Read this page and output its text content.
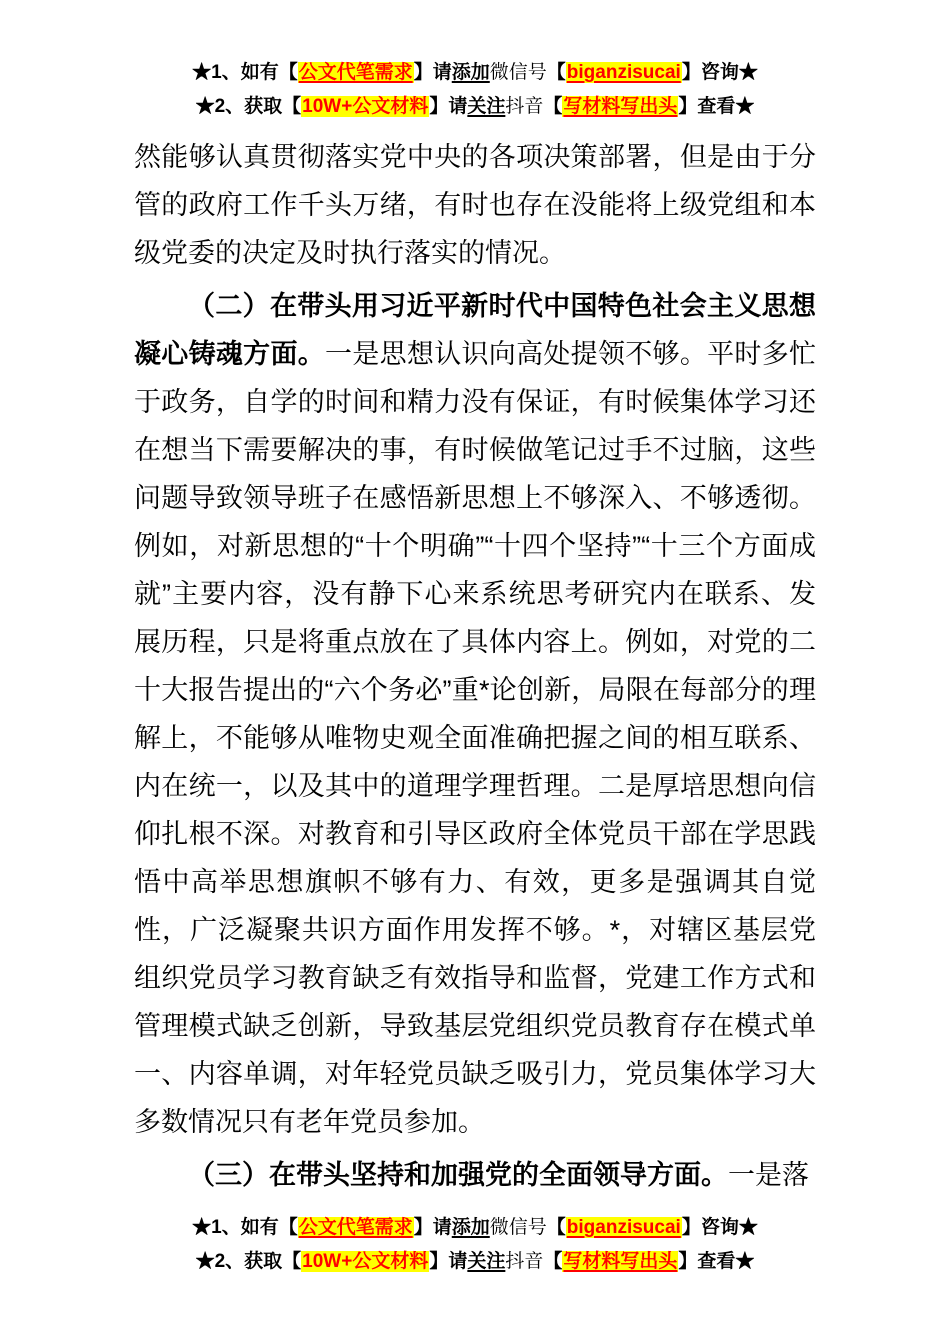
★1、如有【公文代笔需求】请添加微信号【biganzisucai】咨询★
★2、获取【10W+公文材料】请关注抖音【写材料写出头】查看★

然能够认真贯彻落实党中央的各项决策部署，但是由于分管的政府工作千头万绪，有时也存在没能将上级党组和本级党委的决定及时执行落实的情况。

（二）在带头用习近平新时代中国特色社会主义思想凝心铸魂方面。一是思想认识向高处提领不够。平时多忙于政务，自学的时间和精力没有保证，有时候集体学习还在想当下需要解决的事，有时候做笔记过手不过脑，这些问题导致领导班子在感悟新思想上不够深入、不够透彻。例如，对新思想的“十个明确”“十四个坚持”“十三个方面成就”主要内容，没有静下心来系统思考研究内在联系、发展历程，只是将重点放在了具体内容上。例如，对党的二十大报告提出的“六个务必”重*论创新，局限在每部分的理解上，不能够从唯物史观全面准确把握之间的相互联系、内在统一，以及其中的道理学理哲理。二是厚培思想向信仰扎根不深。对教育和引导区政府全体党员干部在学思践悟中高举思想旗帜不够有力、有效，更多是强调其自觉性，广泛凝聚共识方面作用发挥不够。*，对辖区基层党组织党员学习教育缺乏有效指导和监督，党建工作方式和管理模式缺乏创新，导致基层党组织党员教育存在模式单一、内容单调，对年轻党员缺乏吸引力，党员集体学习大多数情况只有老年党员参加。

（三）在带头坚持和加强党的全面领导方面。一是落

★1、如有【公文代笔需求】请添加微信号【biganzisucai】咨询★
★2、获取【10W+公文材料】请关注抖音【写材料写出头】查看★
